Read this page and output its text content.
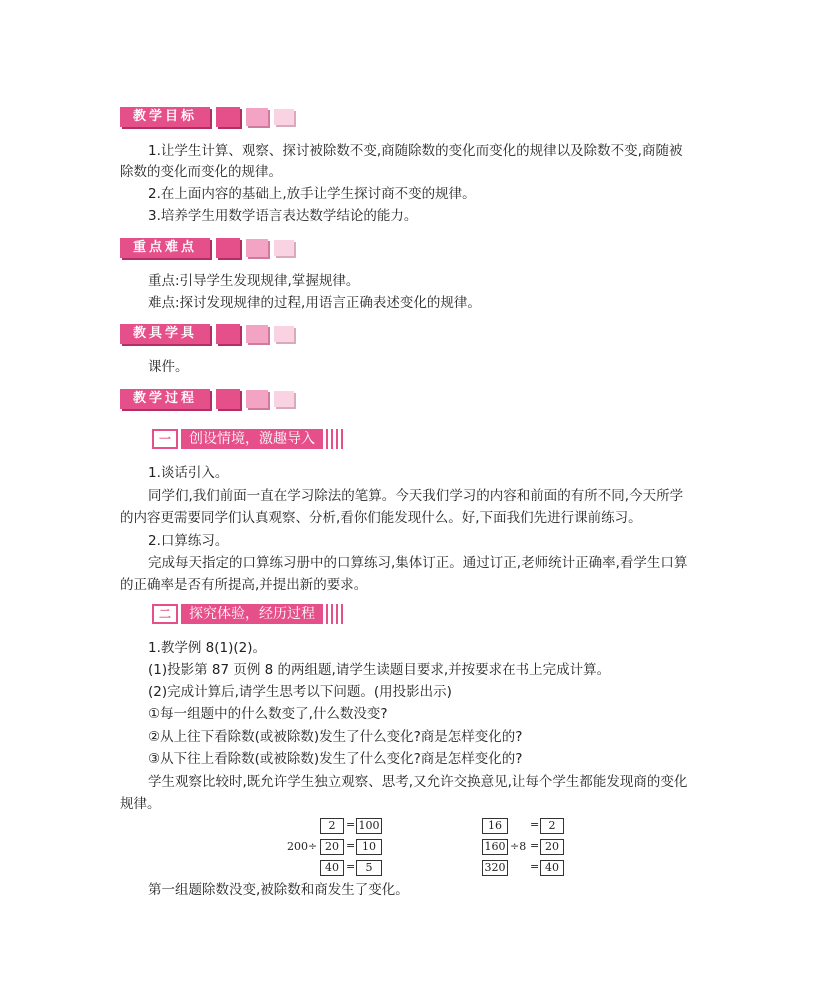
教学目标
1.让学生计算、观察、探讨被除数不变,商随除数的变化而变化的规律以及除数不变,商随被
除数的变化而变化的规律。
2.在上面内容的基础上,放手让学生探讨商不变的规律。
3.培养学生用数学语言表达数学结论的能力。
重点难点
重点:引导学生发现规律,掌握规律。
难点:探讨发现规律的过程,用语言正确表述变化的规律。
教具学具
课件。
教学过程
一	创设情境，激趣导入
1.谈话引入。
同学们,我们前面一直在学习除法的笔算。今天我们学习的内容和前面的有所不同,今天所学
的内容更需要同学们认真观察、分析,看你们能发现什么。好,下面我们先进行课前练习。
2.口算练习。
完成每天指定的口算练习册中的口算练习,集体订正。通过订正,老师统计正确率,看学生口算
的正确率是否有所提高,并提出新的要求。
二	探究体验，经历过程
1.教学例 8(1)(2)。
(1)投影第 87 页例 8 的两组题,请学生读题目要求,并按要求在书上完成计算。
(2)完成计算后,请学生思考以下问题。(用投影出示)
①每一组题中的什么数变了,什么数没变?
②从上往下看除数(或被除数)发生了什么变化?商是怎样变化的?
③从下往上看除数(或被除数)发生了什么变化?商是怎样变化的?
学生观察比较时,既允许学生独立观察、思考,又允许交换意见,让每个学生都能发现商的变化
规律。
200÷
2
20
40
=
=
=
100
10
5
16
160
320
÷8
=
=
=
2
20
40
第一组题除数没变,被除数和商发生了变化。
